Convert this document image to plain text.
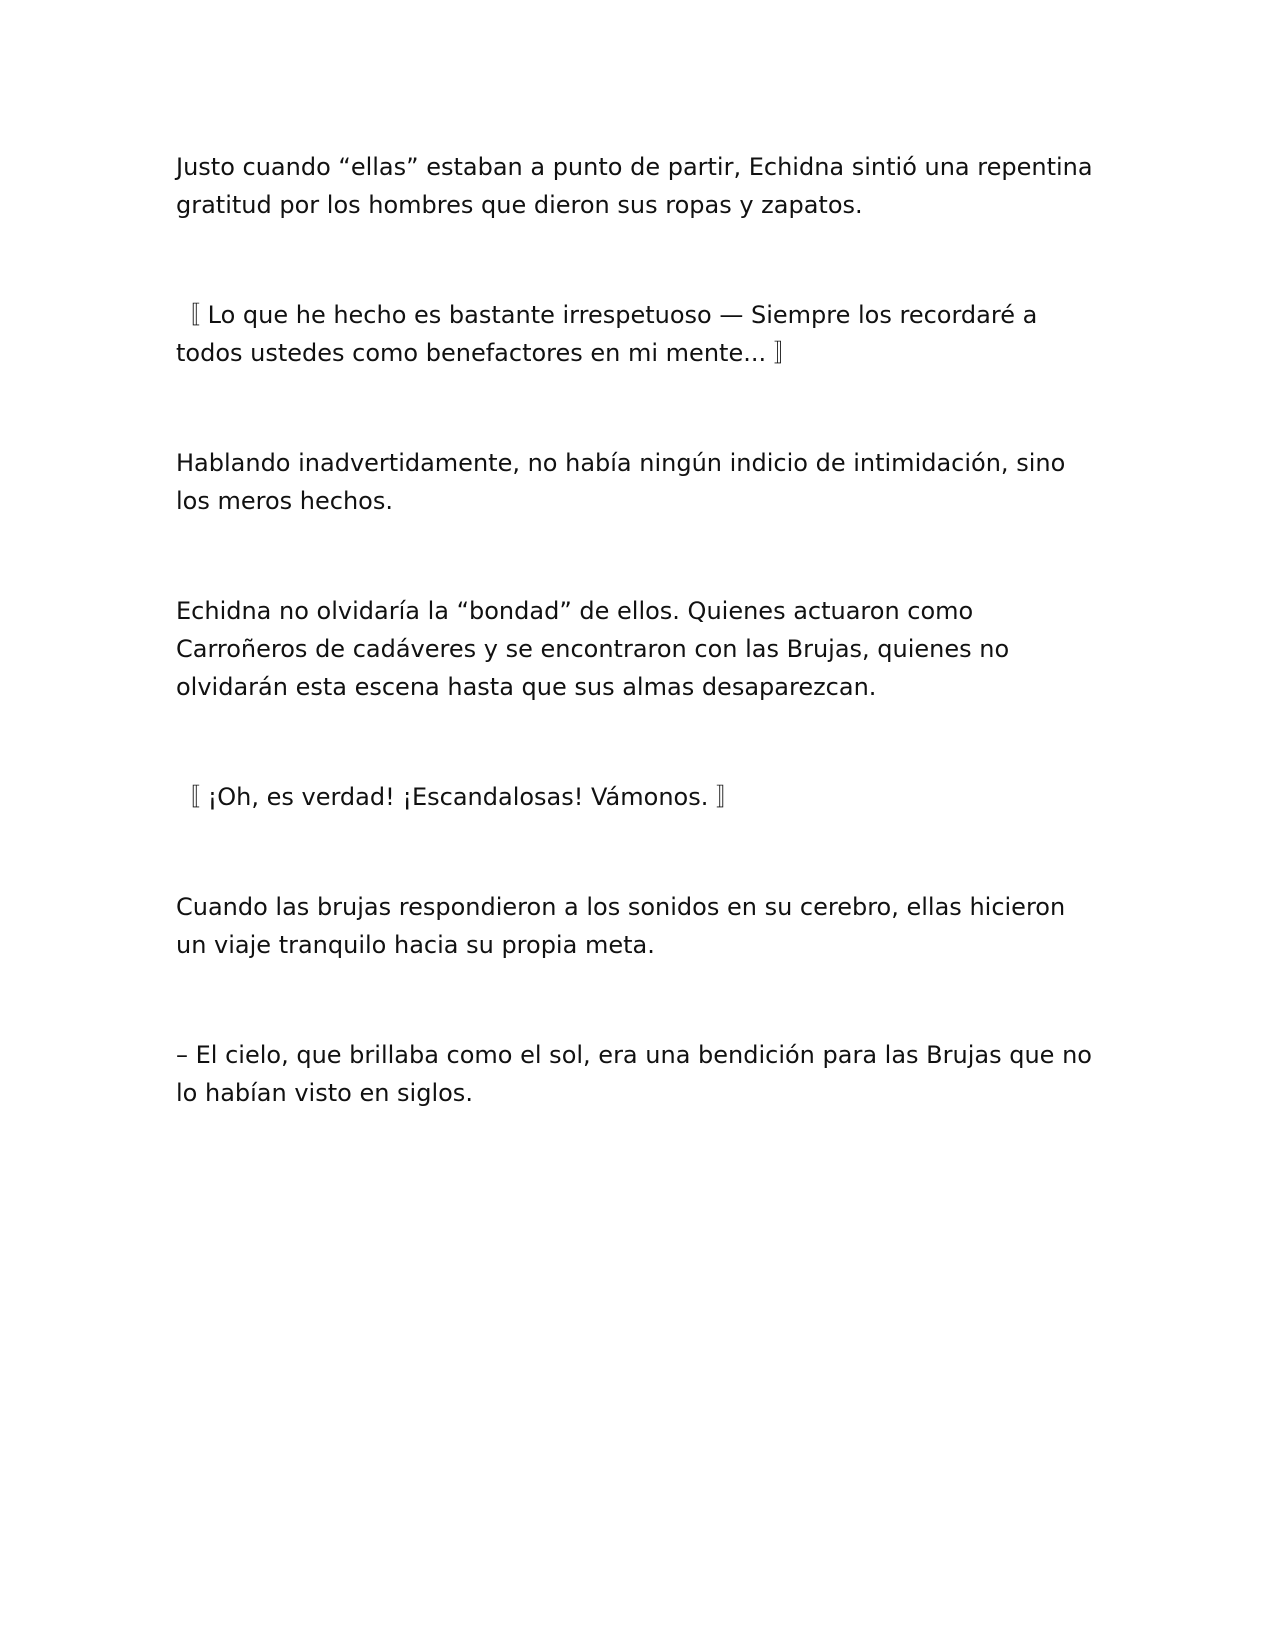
Justo cuando “ellas” estaban a punto de partir, Echidna sintió una repentina gratitud por los hombres que dieron sus ropas y zapatos.

〚 Lo que he hecho es bastante irrespetuoso — Siempre los recordaré a todos ustedes como benefactores en mi mente... 〛

Hablando inadvertidamente, no había ningún indicio de intimidación, sino los meros hechos.

Echidna no olvidaría la “bondad” de ellos. Quienes actuaron como Carroñeros de cadáveres y se encontraron con las Brujas, quienes no olvidarán esta escena hasta que sus almas desaparezcan.

〚 ¡Oh, es verdad! ¡Escandalosas! Vámonos. 〛

Cuando las brujas respondieron a los sonidos en su cerebro, ellas hicieron un viaje tranquilo hacia su propia meta.

– El cielo, que brillaba como el sol, era una bendición para las Brujas que no lo habían visto en siglos.
